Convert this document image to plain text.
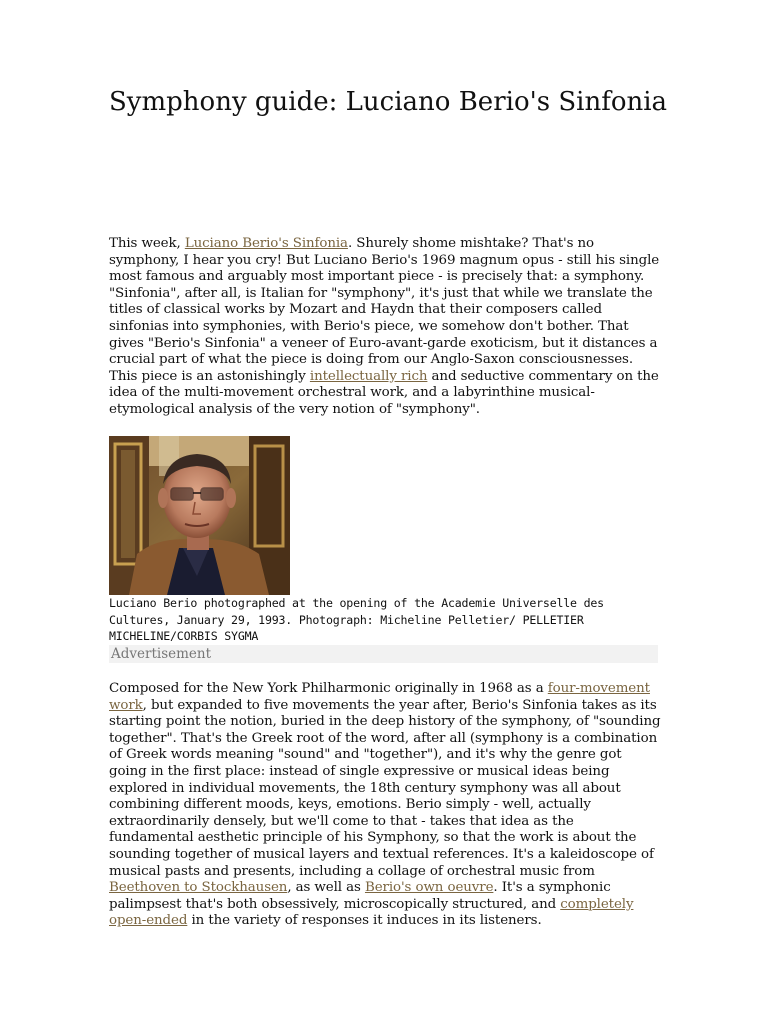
Symphony guide: Luciano Berio's Sinfonia

This week, Luciano Berio's Sinfonia. Shurely shome mishtake? That's no symphony, I hear you cry! But Luciano Berio's 1969 magnum opus - still his single most famous and arguably most important piece - is precisely that: a symphony. "Sinfonia", after all, is Italian for "symphony", it's just that while we translate the titles of classical works by Mozart and Haydn that their composers called sinfonias into symphonies, with Berio's piece, we somehow don't bother. That gives "Berio's Sinfonia" a veneer of Euro-avant-garde exoticism, but it distances a crucial part of what the piece is doing from our Anglo-Saxon consciousnesses. This piece is an astonishingly intellectually rich and seductive commentary on the idea of the multi-movement orchestral work, and a labyrinthine musical-etymological analysis of the very notion of "symphony".

Luciano Berio photographed at the opening of the Academie Universelle des Cultures, January 29, 1993. Photograph: Micheline Pelletier/ PELLETIER MICHELINE/CORBIS SYGMA

Advertisement

Composed for the New York Philharmonic originally in 1968 as a four-movement work, but expanded to five movements the year after, Berio's Sinfonia takes as its starting point the notion, buried in the deep history of the symphony, of "sounding together". That's the Greek root of the word, after all (symphony is a combination of Greek words meaning "sound" and "together"), and it's why the genre got going in the first place: instead of single expressive or musical ideas being explored in individual movements, the 18th century symphony was all about combining different moods, keys, emotions. Berio simply - well, actually extraordinarily densely, but we'll come to that - takes that idea as the fundamental aesthetic principle of his Symphony, so that the work is about the sounding together of musical layers and textual references. It's a kaleidoscope of musical pasts and presents, including a collage of orchestral music from Beethoven to Stockhausen, as well as Berio's own oeuvre. It's a symphonic palimpsest that's both obsessively, microscopically structured, and completely open-ended in the variety of responses it induces in its listeners.
